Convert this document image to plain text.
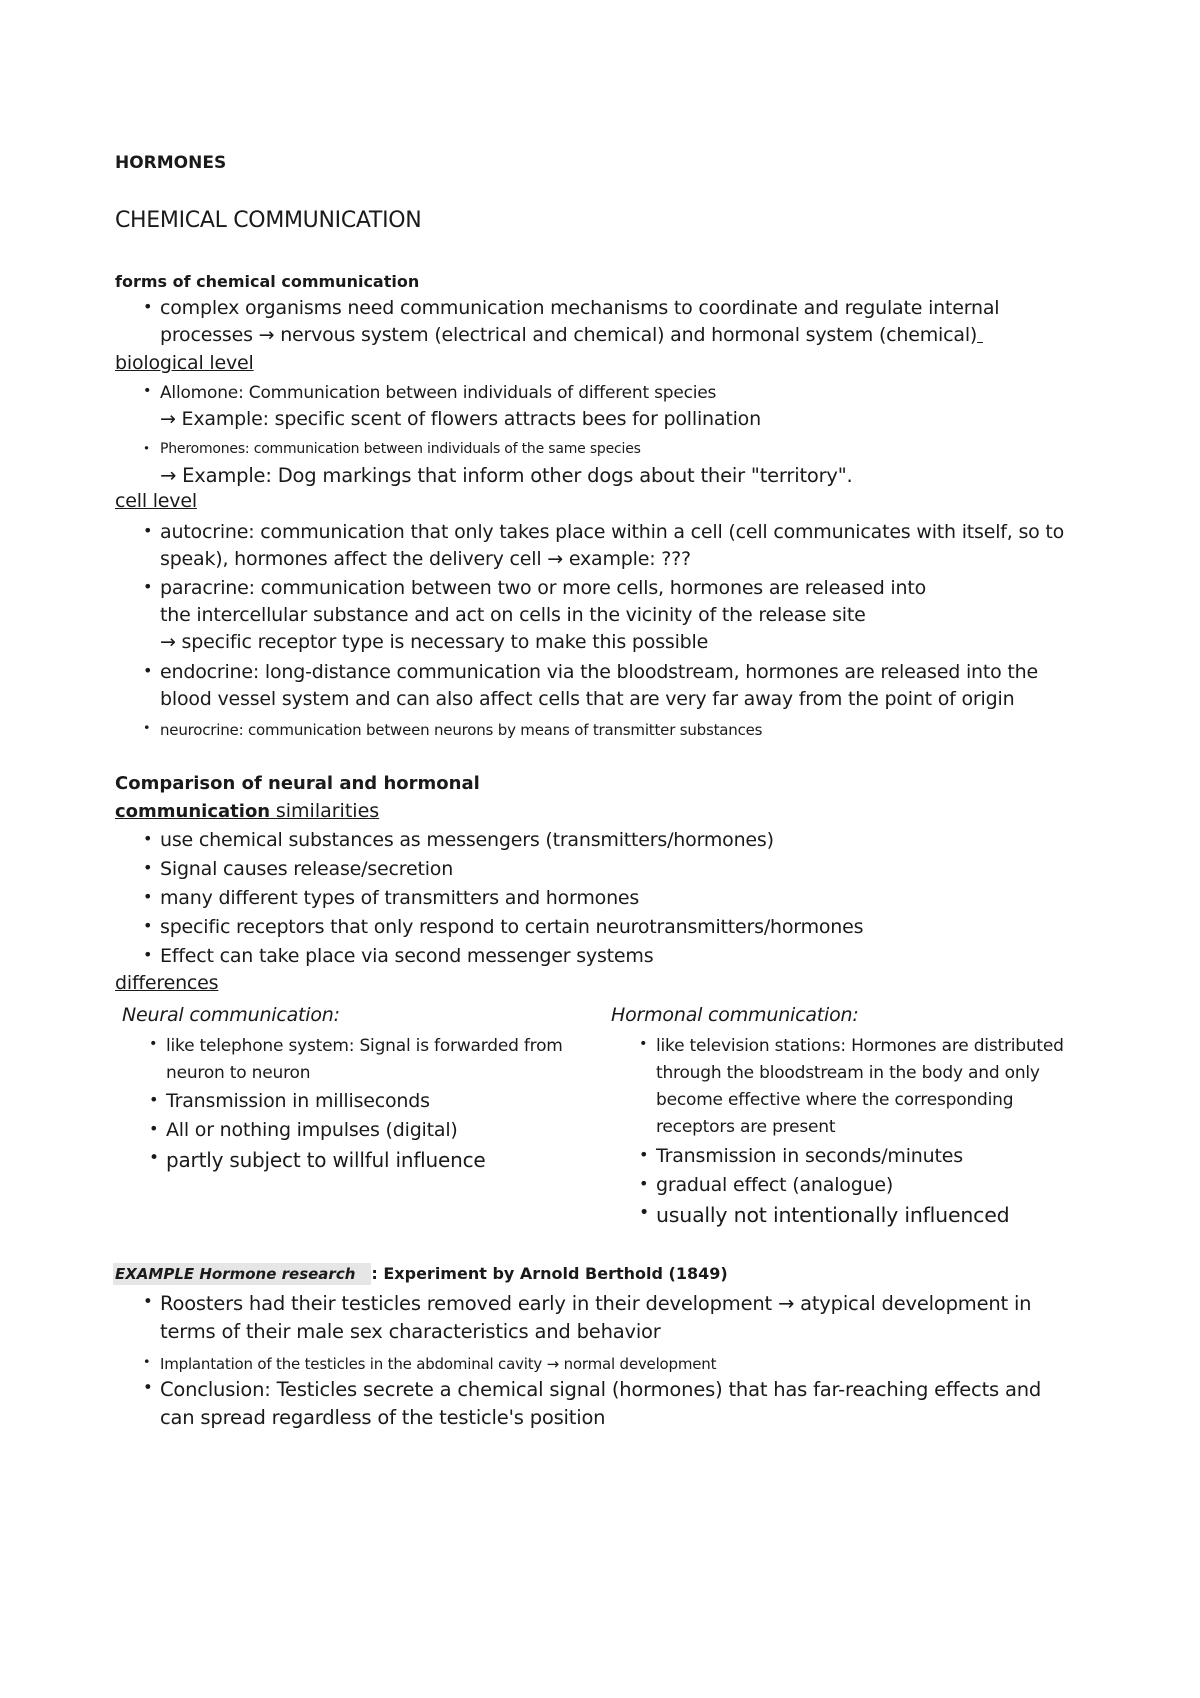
HORMONES
CHEMICAL COMMUNICATION
forms of chemical communication
• complex organisms need communication mechanisms to coordinate and regulate internal
processes → nervous system (electrical and chemical) and hormonal system (chemical)
biological level
• Allomone: Communication between individuals of different species
→ Example: specific scent of flowers attracts bees for pollination
• Pheromones: communication between individuals of the same species
→ Example: Dog markings that inform other dogs about their "territory".
cell level
• autocrine: communication that only takes place within a cell (cell communicates with itself, so to
speak), hormones affect the delivery cell → example: ???
• paracrine: communication between two or more cells, hormones are released into
the intercellular substance and act on cells in the vicinity of the release site
→ specific receptor type is necessary to make this possible
• endocrine: long-distance communication via the bloodstream, hormones are released into the
blood vessel system and can also affect cells that are very far away from the point of origin
• neurocrine: communication between neurons by means of transmitter substances
Comparison of neural and hormonal
communication similarities
• use chemical substances as messengers (transmitters/hormones)
• Signal causes release/secretion
• many different types of transmitters and hormones
• specific receptors that only respond to certain neurotransmitters/hormones
• Effect can take place via second messenger systems
differences
Neural communication:
• like telephone system: Signal is forwarded from
neuron to neuron
• Transmission in milliseconds
• All or nothing impulses (digital)
• partly subject to willful influence
Hormonal communication:
• like television stations: Hormones are distributed
through the bloodstream in the body and only
become effective where the corresponding
receptors are present
• Transmission in seconds/minutes
• gradual effect (analogue)
• usually not intentionally influenced
EXAMPLE Hormone research : Experiment by Arnold Berthold (1849)
• Roosters had their testicles removed early in their development → atypical development in
terms of their male sex characteristics and behavior
• Implantation of the testicles in the abdominal cavity → normal development
• Conclusion: Testicles secrete a chemical signal (hormones) that has far-reaching effects and
can spread regardless of the testicle's position
